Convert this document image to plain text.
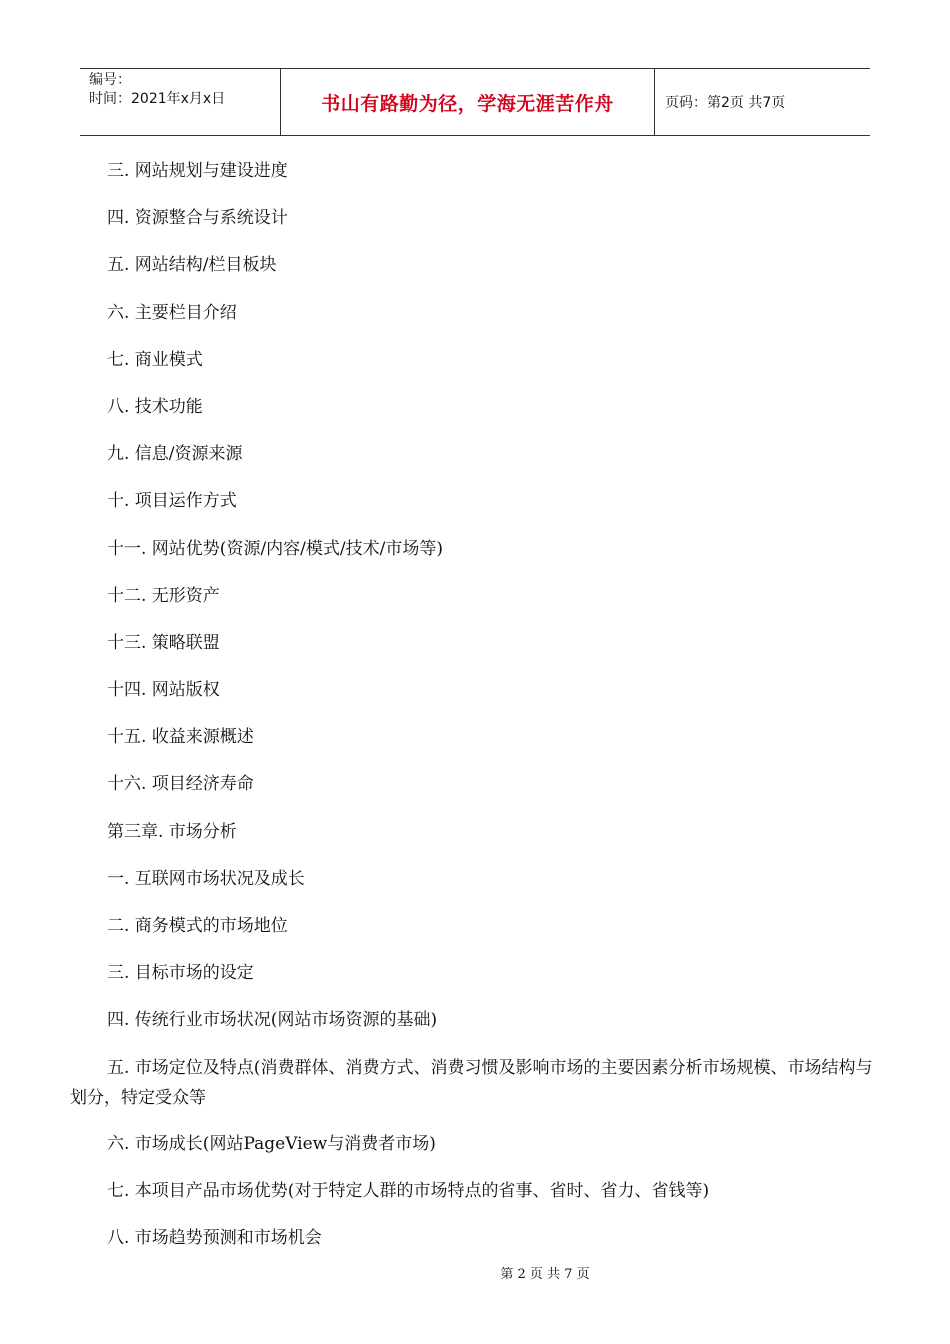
编号：
时间：2021年x月x日	书山有路勤为径，学海无涯苦作舟	页码：第2页 共7页
三. 网站规划与建设进度
四. 资源整合与系统设计
五. 网站结构/栏目板块
六. 主要栏目介绍
七. 商业模式
八. 技术功能
九. 信息/资源来源
十. 项目运作方式
十一. 网站优势(资源/内容/模式/技术/市场等)
十二. 无形资产
十三. 策略联盟
十四. 网站版权
十五. 收益来源概述
十六. 项目经济寿命
第三章. 市场分析
一. 互联网市场状况及成长
二. 商务模式的市场地位
三. 目标市场的设定
四. 传统行业市场状况(网站市场资源的基础)
五. 市场定位及特点(消费群体、消费方式、消费习惯及影响市场的主要因素分析市场规模、市场结构与划分，特定受众等
六. 市场成长(网站PageView与消费者市场)
七. 本项目产品市场优势(对于特定人群的市场特点的省事、省时、省力、省钱等)
八. 市场趋势预测和市场机会
第 2 页 共 7 页
